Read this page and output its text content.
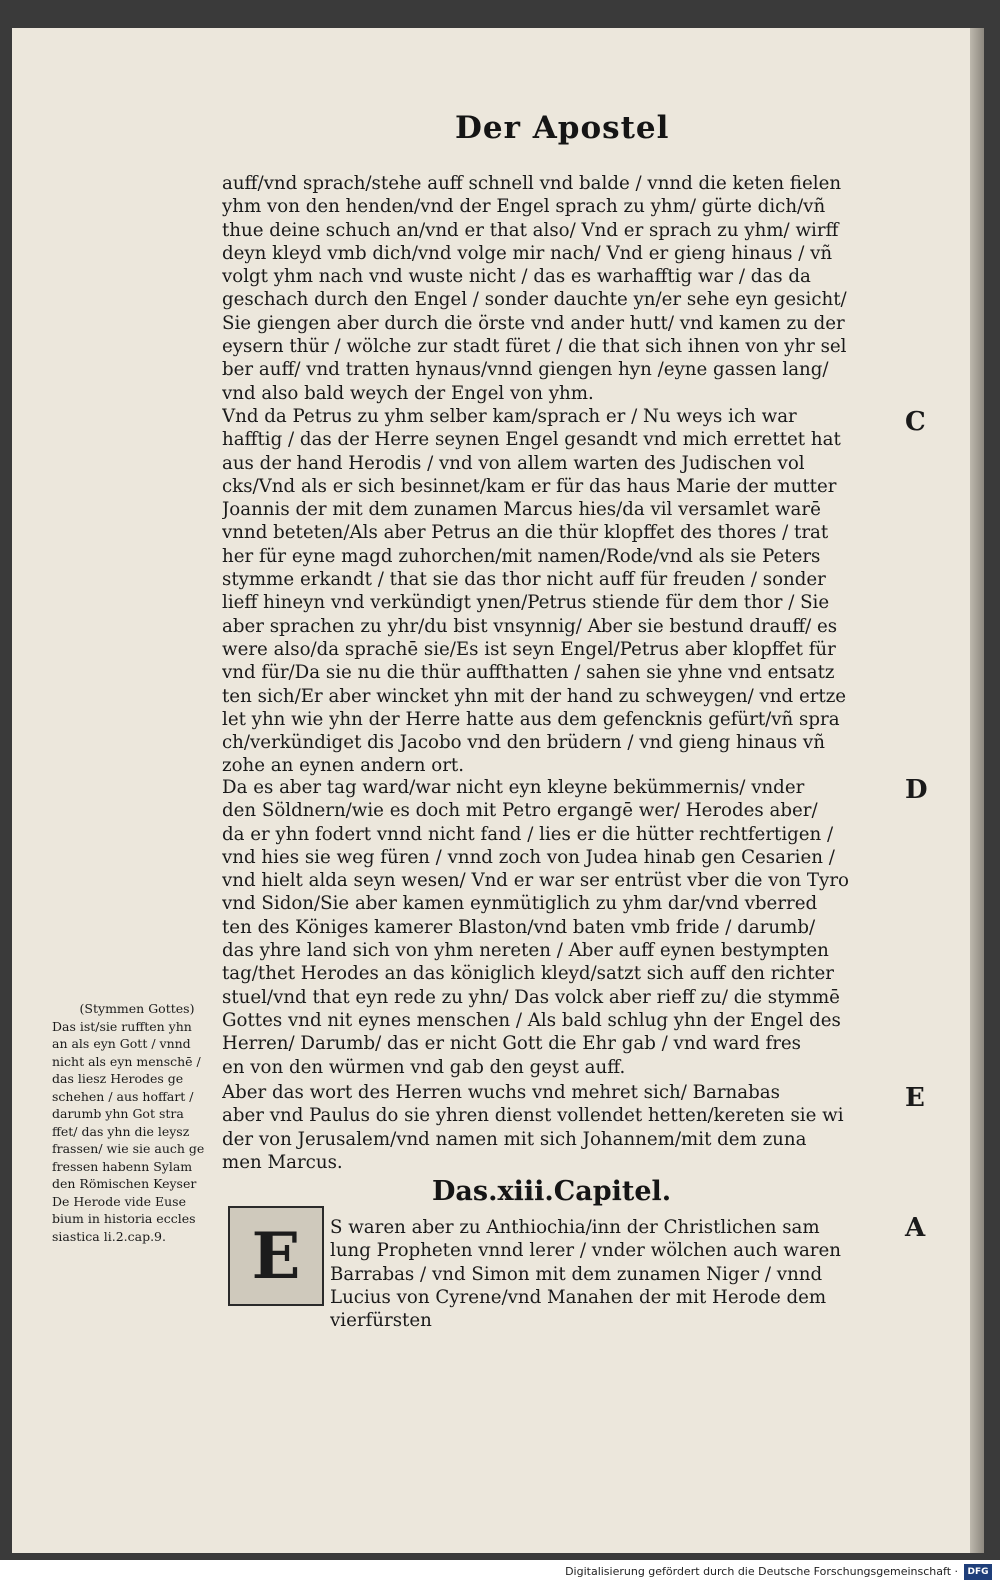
Der Apostel
auff/vnd sprach/stehe auff schnell vnd balde / vnnd die keten fielen
yhm von den henden/vnd der Engel sprach zu yhm/ gürte dich/vñ
thue deine schuch an/vnd er that also/ Vnd er sprach zu yhm/ wirff
deyn kleyd vmb dich/vnd volge mir nach/ Vnd er gieng hinaus / vñ
volgt yhm nach vnd wuste nicht / das es warhafftig war / das da
geschach durch den Engel / sonder dauchte yn/er sehe eyn gesicht/
Sie giengen aber durch die örste vnd ander hutt/ vnd kamen zu der
eysern thür / wölche zur stadt füret / die that sich ihnen von yhr sel
ber auff/ vnd tratten hynaus/vnnd giengen hyn /eyne gassen lang/
vnd also bald weych der Engel von yhm.
Vnd da Petrus zu yhm selber kam/sprach er / Nu weys ich war
hafftig / das der Herre seynen Engel gesandt vnd mich errettet hat
aus der hand Herodis / vnd von allem warten des Judischen vol
cks/Vnd als er sich besinnet/kam er für das haus Marie der mutter
Joannis der mit dem zunamen Marcus hies/da vil versamlet warē
vnnd beteten/Als aber Petrus an die thür klopffet des thores / trat
her für eyne magd zuhorchen/mit namen/Rode/vnd als sie Peters
stymme erkandt / that sie das thor nicht auff für freuden / sonder
lieff hineyn vnd verkündigt ynen/Petrus stiende für dem thor / Sie
aber sprachen zu yhr/du bist vnsynnig/ Aber sie bestund drauff/ es
were also/da sprachē sie/Es ist seyn Engel/Petrus aber klopffet für
vnd für/Da sie nu die thür auffthatten / sahen sie yhne vnd entsatz
ten sich/Er aber wincket yhn mit der hand zu schweygen/ vnd ertze
let yhn wie yhn der Herre hatte aus dem gefencknis gefürt/vñ spra
ch/verkündiget dis Jacobo vnd den brüdern / vnd gieng hinaus vñ
zohe an eynen andern ort.
Da es aber tag ward/war nicht eyn kleyne bekümmernis/ vnder
den Söldnern/wie es doch mit Petro ergangē wer/ Herodes aber/
da er yhn fodert vnnd nicht fand / lies er die hütter rechtfertigen /
vnd hies sie weg füren / vnnd zoch von Judea hinab gen Cesarien /
vnd hielt alda seyn wesen/ Vnd er war ser entrüst vber die von Tyro
vnd Sidon/Sie aber kamen eynmütiglich zu yhm dar/vnd vberred
ten des Königes kamerer Blaston/vnd baten vmb fride / darumb/
das yhre land sich von yhm nereten / Aber auff eynen bestympten
tag/thet Herodes an das königlich kleyd/satzt sich auff den richter
stuel/vnd that eyn rede zu yhn/ Das volck aber rieff zu/ die stymmē
Gottes vnd nit eynes menschen / Als bald schlug yhn der Engel des
Herren/ Darumb/ das er nicht Gott die Ehr gab / vnd ward fres
en von den würmen vnd gab den geyst auff.
Aber das wort des Herren wuchs vnd mehret sich/ Barnabas
aber vnd Paulus do sie yhren dienst vollendet hetten/kereten sie wi
der von Jerusalem/vnd namen mit sich Johannem/mit dem zuna
men Marcus.
Das.xiii.Capitel.
E	S waren aber zu Anthiochia/inn der Christlichen sam
lung Propheten vnnd lerer / vnder wölchen auch waren
Barrabas / vnd Simon mit dem zunamen Niger / vnnd
Lucius von Cyrene/vnd Manahen der mit Herode dem
vierfürsten
C
D
E
A
(Stymmen Gottes)
Das ist/sie rufften yhn
an als eyn Gott / vnnd
nicht als eyn menschē /
das liesz Herodes ge
schehen / aus hoffart /
darumb yhn Got stra
ffet/ das yhn die leysz
frassen/ wie sie auch ge
fressen habenn Sylam
den Römischen Keyser
De Herode vide Euse
bium in historia eccles
siastica li.2.cap.9.
Digitalisierung gefördert durch die Deutsche Forschungsgemeinschaft ·	DFG
